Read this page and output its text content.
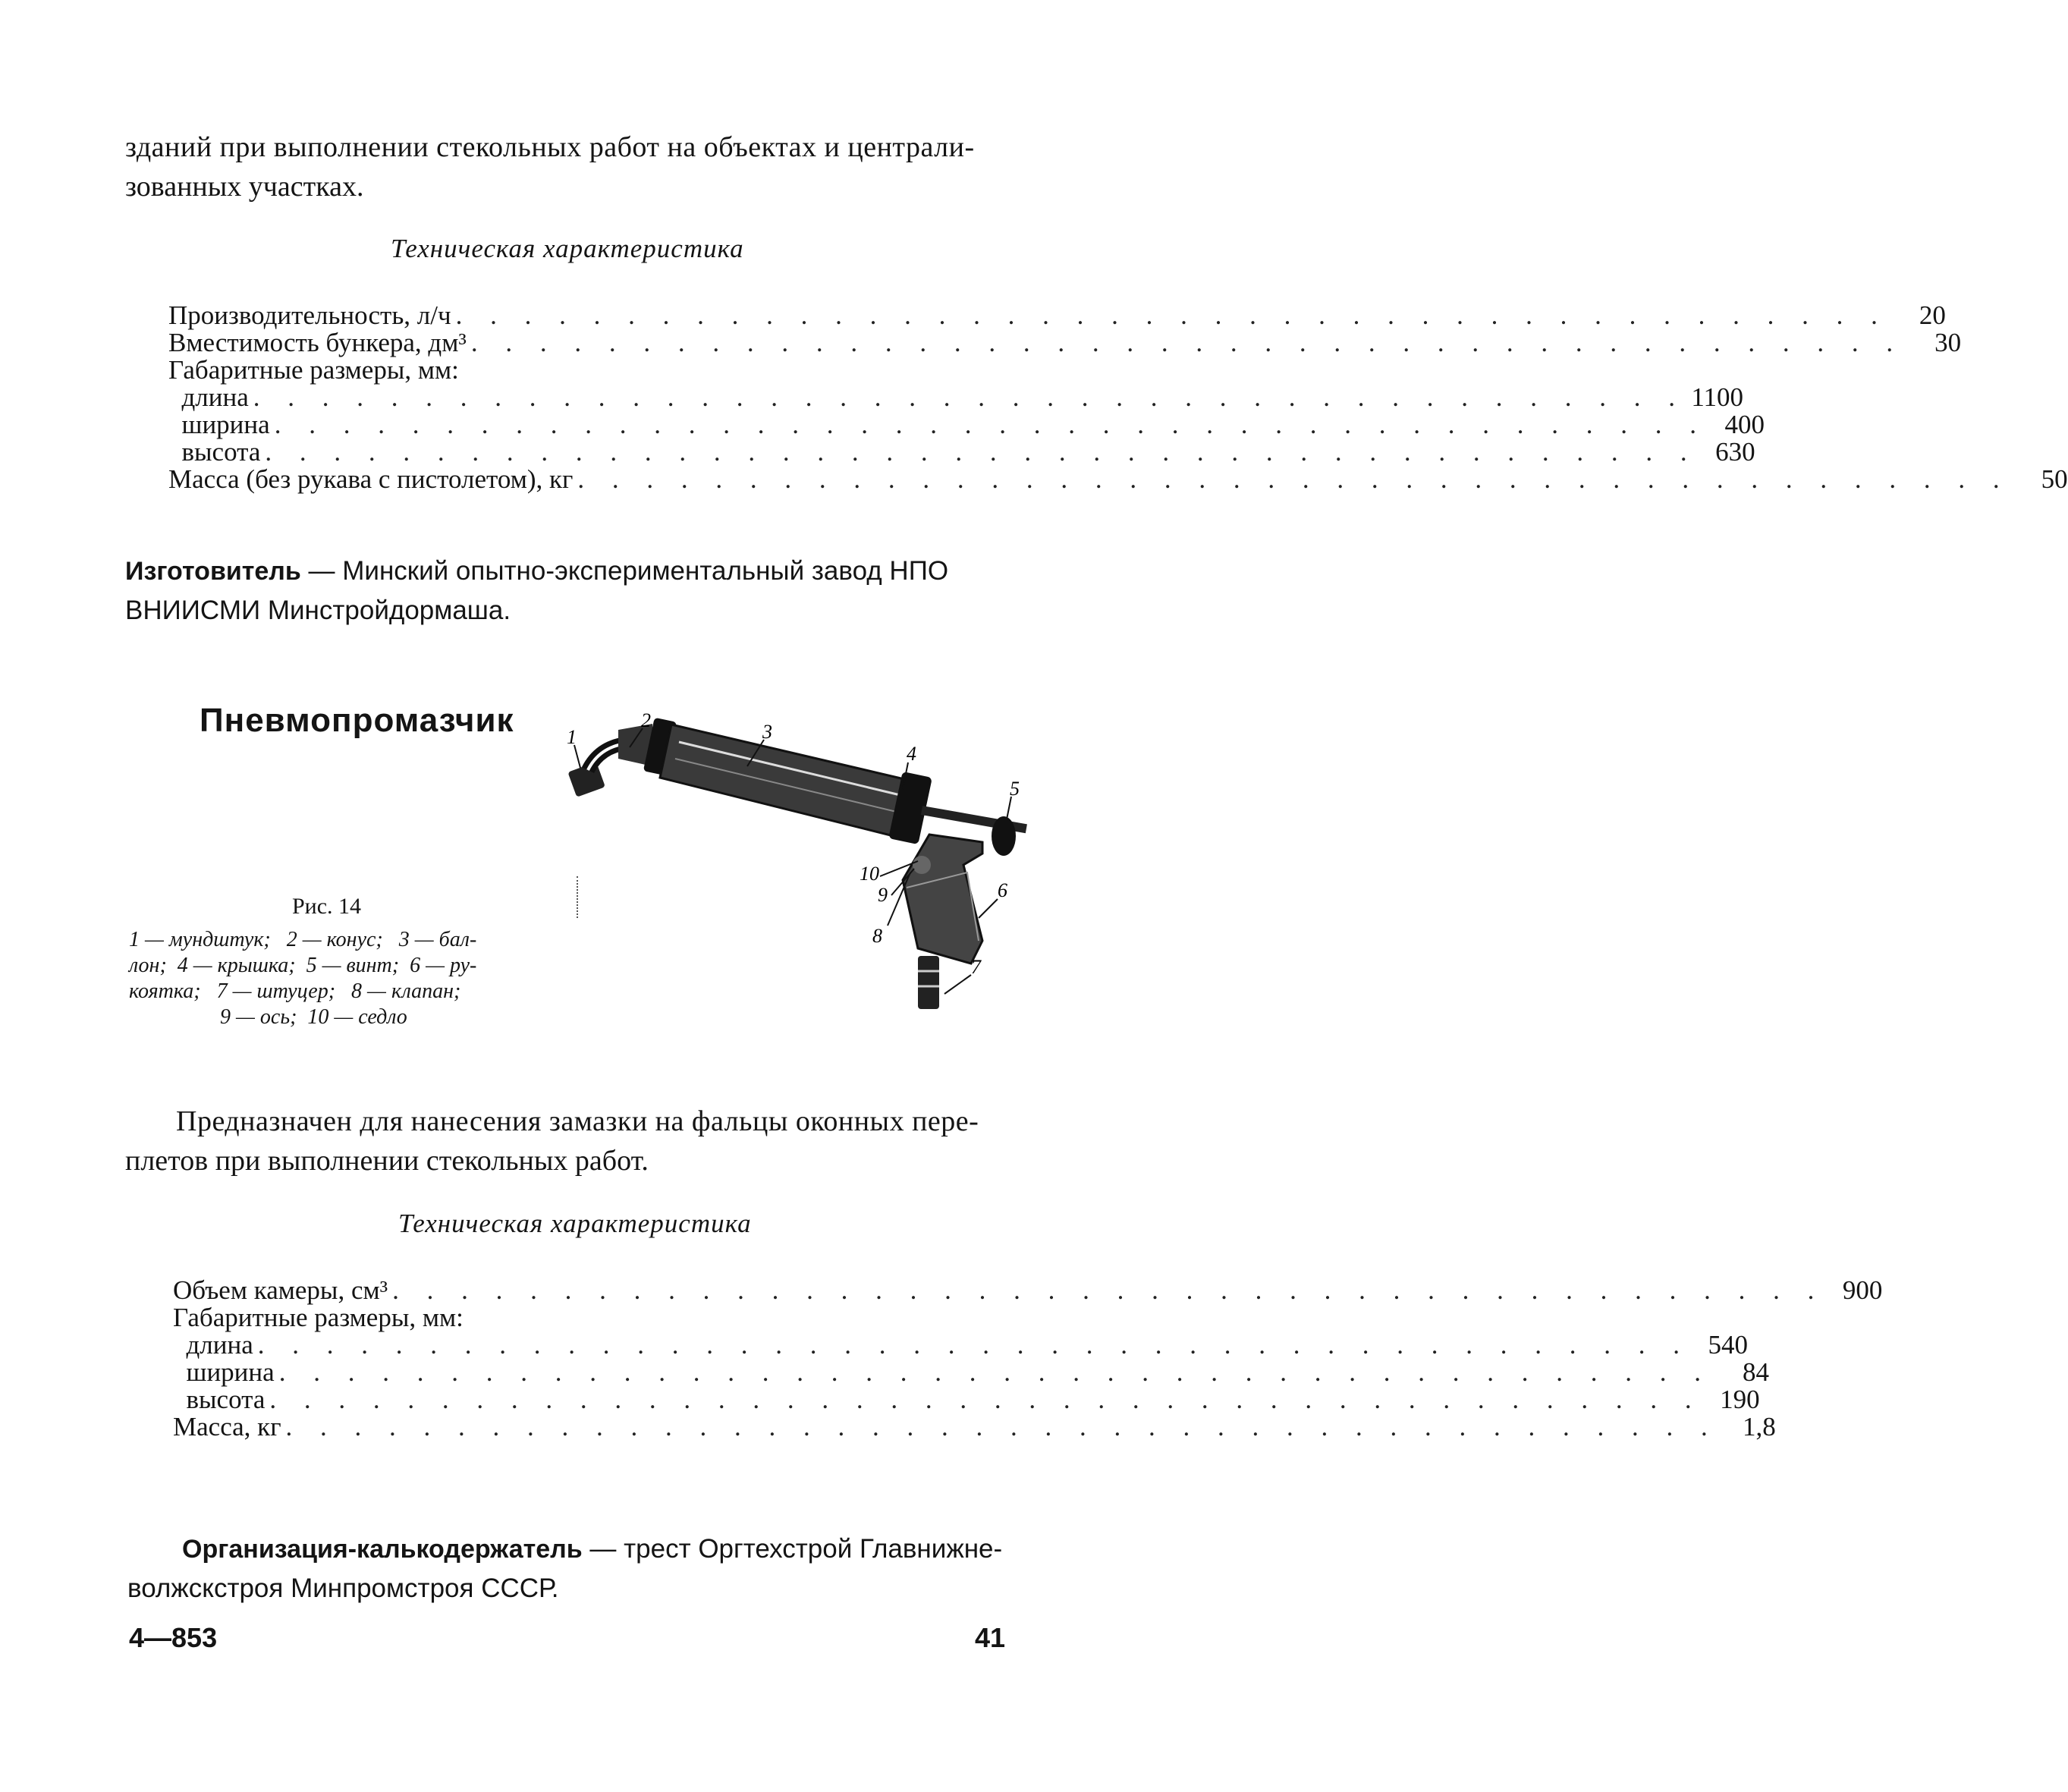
зданий при выполнении стекольных работ на объектах и централи-
зованных участках.
Техническая характеристика
Производительность, л/ч . . . . . . . . . . . . . . . . . . . . . . . . . . . . . . . . . . . . . . . . . .	20
Вместимость бункера, дм³ . . . . . . . . . . . . . . . . . . . . . . . . . . . . . . . . . . . . . . . . . .	30
Габаритные размеры, мм:
длина . . . . . . . . . . . . . . . . . . . . . . . . . . . . . . . . . . . . . . . . . . 1100
ширина . . . . . . . . . . . . . . . . . . . . . . . . . . . . . . . . . . . . . . . . . . 400
высота . . . . . . . . . . . . . . . . . . . . . . . . . . . . . . . . . . . . . . . . . . 630
Масса (без рукава с пистолетом), кг . . . . . . . . . . . . . . . . . . . . . . . . . . . . . . . . . . . . . . . . . .	50
Изготовитель — Минский опытно-экспериментальный завод НПО
ВНИИСМИ Минстройдормаша.
Пневмопромазчик
Рис. 14
1 — мундштук;   2 — конус;   3 — бал-
лон;  4 — крышка;  5 — винт;  6 — ру-
коятка;   7 — штуцер;   8 — клапан;
9 — ось;  10 — седло
1
2
3
4
5
6
7
8
9
10
Предназначен для нанесения замазки на фальцы оконных пере-
плетов при выполнении стекольных работ.
Техническая характеристика
Объем камеры, см³ . . . . . . . . . . . . . . . . . . . . . . . . . . . . . . . . . . . . . . . . . . 900
Габаритные размеры, мм:
длина . . . . . . . . . . . . . . . . . . . . . . . . . . . . . . . . . . . . . . . . . . 540
ширина . . . . . . . . . . . . . . . . . . . . . . . . . . . . . . . . . . . . . . . . . .	84
высота . . . . . . . . . . . . . . . . . . . . . . . . . . . . . . . . . . . . . . . . . . 190
Масса, кг . . . . . . . . . . . . . . . . . . . . . . . . . . . . . . . . . . . . . . . . . . 1,8
Организация-калькодержатель — трест Оргтехстрой Главнижне-
волжскстроя Минпромстроя СССР.
4—853	41
